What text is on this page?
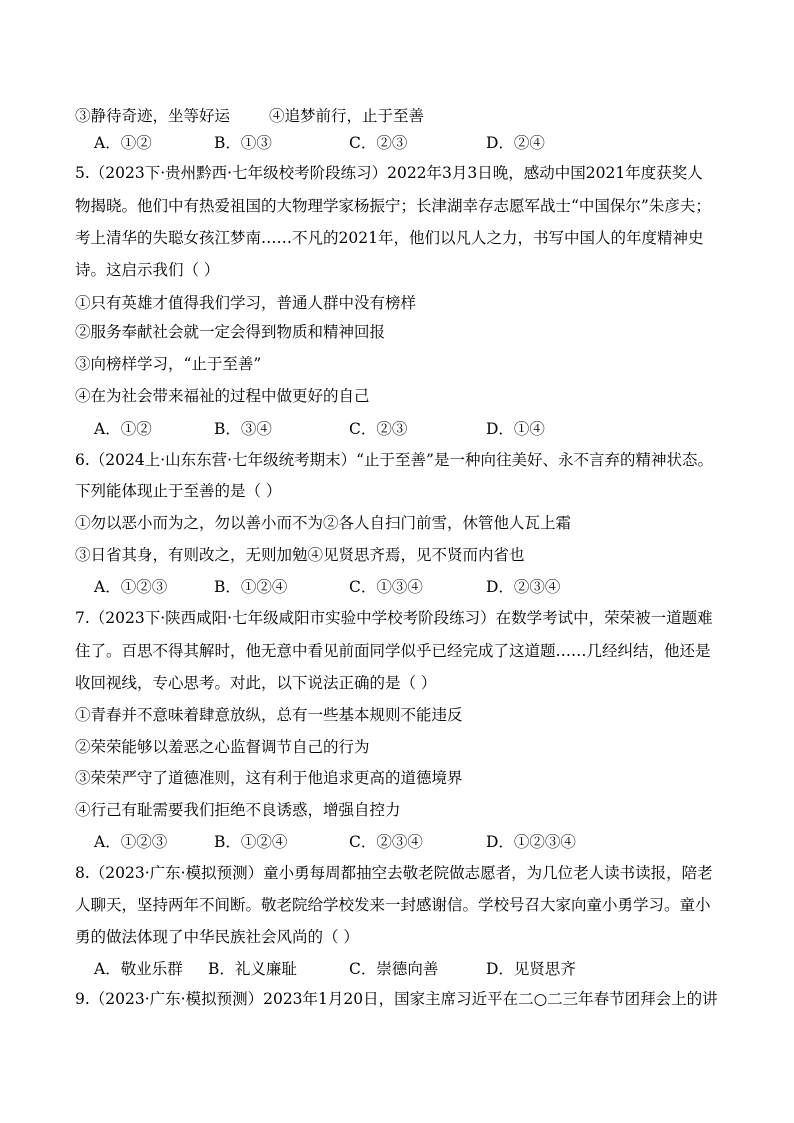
③静待奇迹，坐等好运	④追梦前行，止于至善
A．①②	B．①③	C．②③	D．②④
5.（2023下·贵州黔西·七年级校考阶段练习）2022年3月3日晚，感动中国2021年度获奖人
物揭晓。他们中有热爱祖国的大物理学家杨振宁；长津湖幸存志愿军战士“中国保尔”朱彦夫；
考上清华的失聪女孩江梦南……不凡的2021年，他们以凡人之力，书写中国人的年度精神史
诗。这启示我们（ ）
①只有英雄才值得我们学习，普通人群中没有榜样
②服务奉献社会就一定会得到物质和精神回报
③向榜样学习，“止于至善”
④在为社会带来福祉的过程中做更好的自己
A．①②	B．③④	C．②③	D．①④
6.（2024上·山东东营·七年级统考期末）“止于至善”是一种向往美好、永不言弃的精神状态。
下列能体现止于至善的是（ ）
①勿以恶小而为之，勿以善小而不为②各人自扫门前雪，休管他人瓦上霜
③日省其身，有则改之，无则加勉④见贤思齐焉，见不贤而内省也
A．①②③	B．①②④	C．①③④	D．②③④
7.（2023下·陕西咸阳·七年级咸阳市实验中学校考阶段练习）在数学考试中，荣荣被一道题难
住了。百思不得其解时，他无意中看见前面同学似乎已经完成了这道题……几经纠结，他还是
收回视线，专心思考。对此，以下说法正确的是（ ）
①青春并不意味着肆意放纵，总有一些基本规则不能违反
②荣荣能够以羞恶之心监督调节自己的行为
③荣荣严守了道德准则，这有利于他追求更高的道德境界
④行己有耻需要我们拒绝不良诱惑，增强自控力
A．①②③	B．①②④	C．②③④	D．①②③④
8.（2023·广东·模拟预测）童小勇每周都抽空去敬老院做志愿者，为几位老人读书读报，陪老
人聊天，坚持两年不间断。敬老院给学校发来一封感谢信。学校号召大家向童小勇学习。童小
勇的做法体现了中华民族社会风尚的（ ）
A．敬业乐群 B．礼义廉耻	C．崇德向善	D．见贤思齐
9.（2023·广东·模拟预测）2023年1月20日，国家主席习近平在二○二三年春节团拜会上的讲
